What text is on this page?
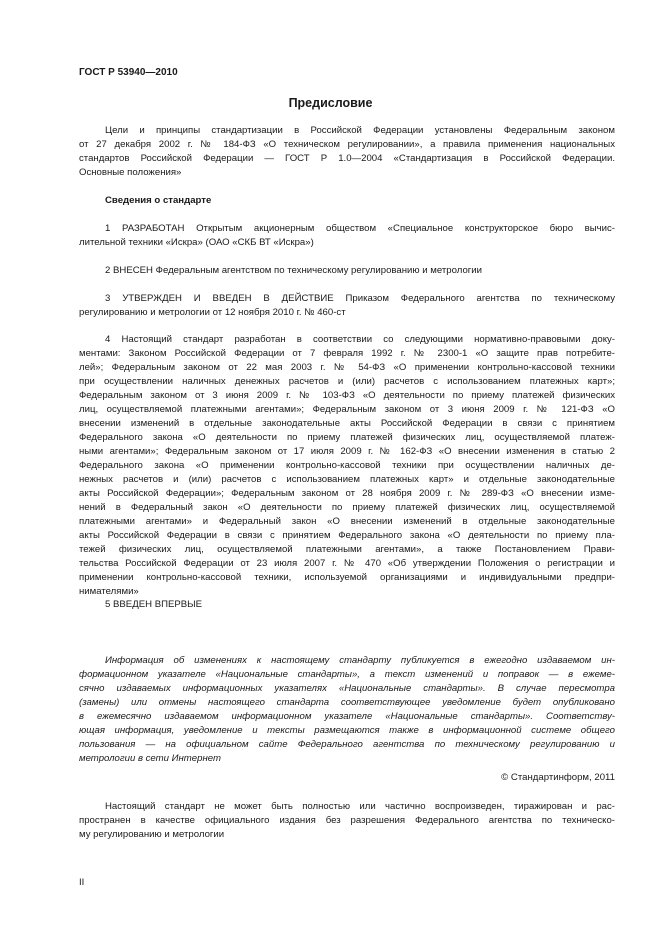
ГОСТ Р 53940—2010
Предисловие
Цели и принципы стандартизации в Российской Федерации установлены Федеральным законом
от 27 декабря 2002 г. № 184-ФЗ «О техническом регулировании», а правила применения национальных
стандартов Российской Федерации — ГОСТ Р 1.0—2004 «Стандартизация в Российской Федерации.
Основные положения»
Сведения о стандарте
1 РАЗРАБОТАН Открытым акционерным обществом «Специальное конструкторское бюро вычис-
лительной техники «Искра» (ОАО «СКБ ВТ «Искра»)
2 ВНЕСЕН Федеральным агентством по техническому регулированию и метрологии
3 УТВЕРЖДЕН И ВВЕДЕН В ДЕЙСТВИЕ Приказом Федерального агентства по техническому
регулированию и метрологии от 12 ноября 2010 г. № 460-ст
4 Настоящий стандарт разработан в соответствии со следующими нормативно-правовыми доку-
ментами: Законом Российской Федерации от 7 февраля 1992 г. № 2300-1 «О защите прав потребите-
лей»; Федеральным законом от 22 мая 2003 г. № 54-ФЗ «О применении контрольно-кассовой техники
при осуществлении наличных денежных расчетов и (или) расчетов с использованием платежных карт»;
Федеральным законом от 3 июня 2009 г. № 103-ФЗ «О деятельности по приему платежей физических
лиц, осуществляемой платежными агентами»; Федеральным законом от 3 июня 2009 г. № 121-ФЗ «О
внесении изменений в отдельные законодательные акты Российской Федерации в связи с принятием
Федерального закона «О деятельности по приему платежей физических лиц, осуществляемой платеж-
ными агентами»; Федеральным законом от 17 июля 2009 г. № 162-ФЗ «О внесении изменения в статью 2
Федерального закона «О применении контрольно-кассовой техники при осуществлении наличных де-
нежных расчетов и (или) расчетов с использованием платежных карт» и отдельные законодательные
акты Российской Федерации»; Федеральным законом от 28 ноября 2009 г. № 289-ФЗ «О внесении изме-
нений в Федеральный закон «О деятельности по приему платежей физических лиц, осуществляемой
платежными агентами» и Федеральный закон «О внесении изменений в отдельные законодательные
акты Российской Федерации в связи с принятием Федерального закона «О деятельности по приему пла-
тежей физических лиц, осуществляемой платежными агентами», а также Постановлением Прави-
тельства Российской Федерации от 23 июля 2007 г. № 470 «Об утверждении Положения о регистрации и
применении контрольно-кассовой техники, используемой организациями и индивидуальными предпри-
нимателями»
5 ВВЕДЕН ВПЕРВЫЕ
Информация об изменениях к настоящему стандарту публикуется в ежегодно издаваемом ин-
формационном указателе «Национальные стандарты», а текст изменений и поправок — в ежеме-
сячно издаваемых информационных указателях «Национальные стандарты». В случае пересмотра
(замены) или отмены настоящего стандарта соответствующее уведомление будет опубликовано
в ежемесячно издаваемом информационном указателе «Национальные стандарты». Соответству-
ющая информация, уведомление и тексты размещаются также в информационной системе общего
пользования — на официальном сайте Федерального агентства по техническому регулированию и
метрологии в сети Интернет
© Стандартинформ, 2011
Настоящий стандарт не может быть полностью или частично воспроизведен, тиражирован и рас-
пространен в качестве официального издания без разрешения Федерального агентства по техническо-
му регулированию и метрологии
II
